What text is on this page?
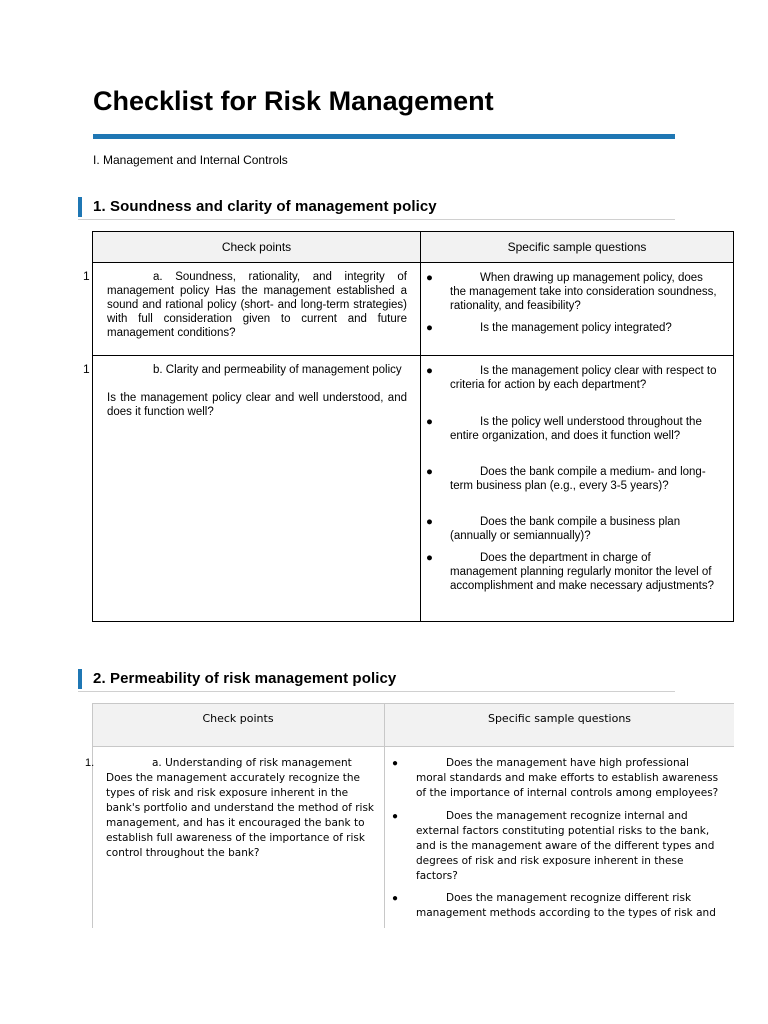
Checklist for Risk Management
I. Management and Internal Controls
1. Soundness and clarity of management policy
Check points	Specific sample questions
a. Soundness, rationality, and integrity of management policy Has the management established a sound and rational policy (short- and long-term strategies) with full consideration given to current and future management conditions?
●	When drawing up management policy, does the management take into consideration soundness, rationality, and feasibility?
●	Is the management policy integrated?
b. Clarity and permeability of management policy
Is the management policy clear and well understood, and does it function well?
●	Is the management policy clear with respect to criteria for action by each department?
●	Is the policy well understood throughout the entire organization, and does it function well?
●	Does the bank compile a medium- and long-term business plan (e.g., every 3-5 years)?
●	Does the bank compile a business plan (annually or semiannually)?
●	Does the department in charge of management planning regularly monitor the level of accomplishment and make necessary adjustments?
1
1
2. Permeability of risk management policy
Check points	Specific sample questions
a. Understanding of risk management
Does the management accurately recognize the types of risk and risk exposure inherent in the bank's portfolio and understand the method of risk management, and has it encouraged the bank to establish full awareness of the importance of risk control throughout the bank?
●	Does the management have high professional moral standards and make efforts to establish awareness of the importance of internal controls among employees?
●	Does the management recognize internal and external factors constituting potential risks to the bank, and is the management aware of the different types and degrees of risk and risk exposure inherent in these factors?
●	Does the management recognize different risk management methods according to the types of risk and
1.
